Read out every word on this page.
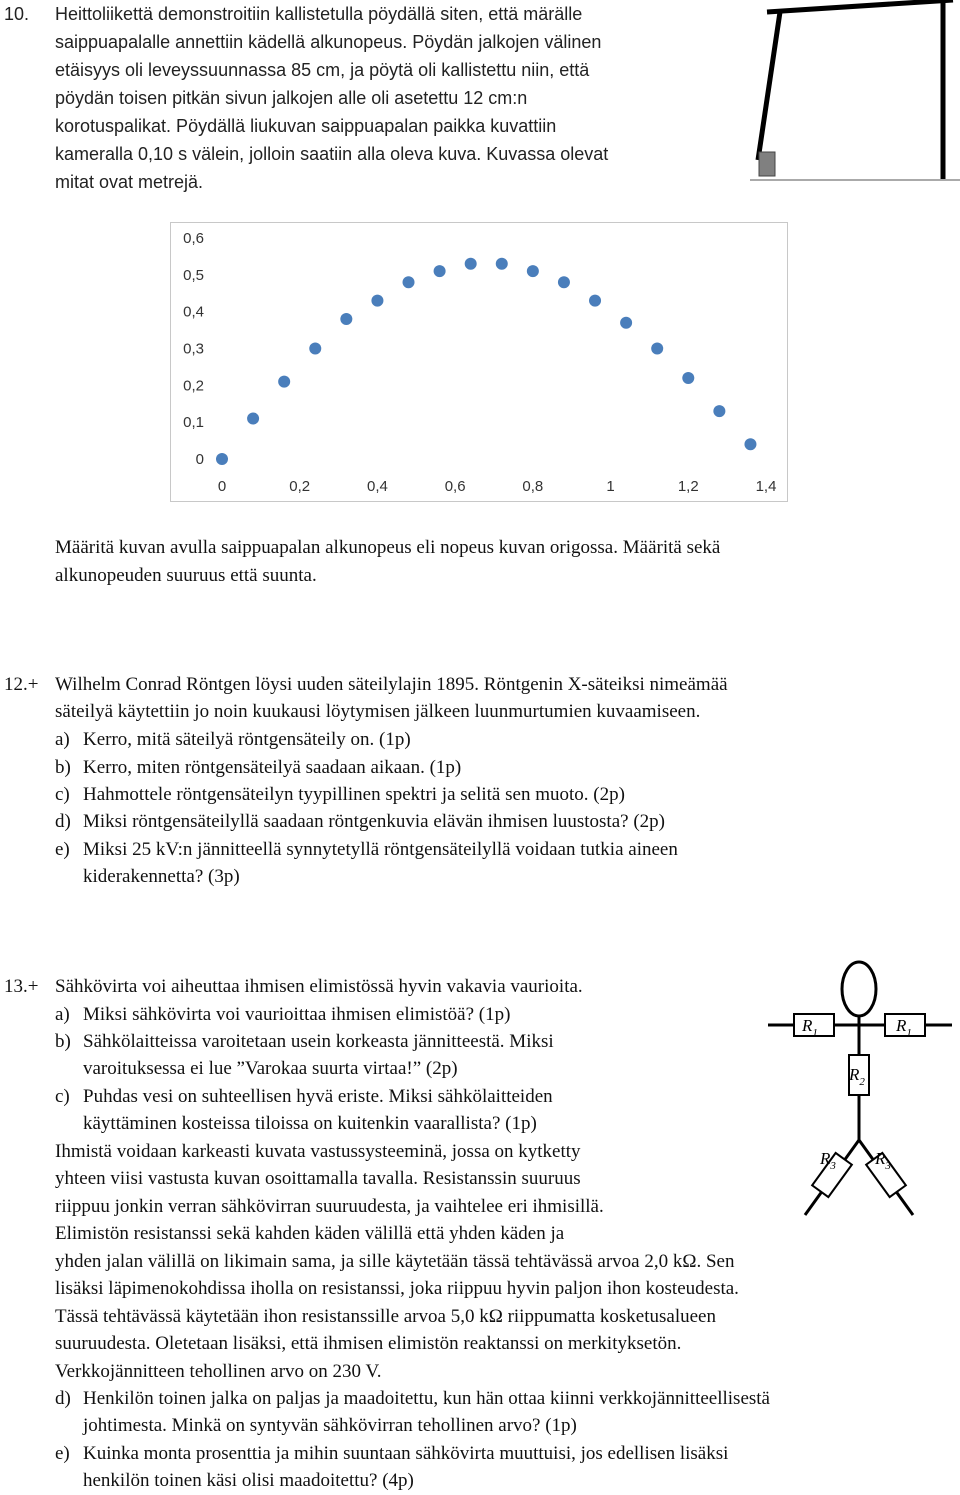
10. Heittoliikettä demonstroitiin kallistetulla pöydällä siten, että märälle
saippuapalalle annettiin kädellä alkunopeus. Pöydän jalkojen välinen
etäisyys oli leveyssuunnassa 85 cm, ja pöytä oli kallistettu niin, että
pöydän toisen pitkän sivun jalkojen alle oli asetettu 12 cm:n
korotuspalikat. Pöydällä liukuvan saippuapalan paikka kuvattiin
kameralla 0,10 s välein, jolloin saatiin alla oleva kuva. Kuvassa olevat
mitat ovat metrejä.
0
0,1
0,2
0,3
0,4
0,5
0,6
0	0,2	0,4	0,6	0,8	1	1,2	1,4
Määritä kuvan avulla saippuapalan alkunopeus eli nopeus kuvan origossa. Määritä sekä
alkunopeuden suuruus että suunta.
12.+ Wilhelm Conrad Röntgen löysi uuden säteilylajin 1895. Röntgenin X-säteiksi nimeämää
säteilyä käytettiin jo noin kuukausi löytymisen jälkeen luunmurtumien kuvaamiseen.
a) Kerro, mitä säteilyä röntgensäteily on. (1p)
b) Kerro, miten röntgensäteilyä saadaan aikaan. (1p)
c) Hahmottele röntgensäteilyn tyypillinen spektri ja selitä sen muoto. (2p)
d) Miksi röntgensäteilyllä saadaan röntgenkuvia elävän ihmisen luustosta? (2p)
e) Miksi 25 kV:n jännitteellä synnytetyllä röntgensäteilyllä voidaan tutkia aineen
kiderakennetta? (3p)
13.+ Sähkövirta voi aiheuttaa ihmisen elimistössä hyvin vakavia vaurioita.
a) Miksi sähkövirta voi vaurioittaa ihmisen elimistöä? (1p)
b) Sähkölaitteissa varoitetaan usein korkeasta jännitteestä. Miksi
varoituksessa ei lue ”Varokaa suurta virtaa!” (2p)
c) Puhdas vesi on suhteellisen hyvä eriste. Miksi sähkölaitteiden
käyttäminen kosteissa tiloissa on kuitenkin vaarallista? (1p)
Ihmistä voidaan karkeasti kuvata vastussysteeminä, jossa on kytketty
yhteen viisi vastusta kuvan osoittamalla tavalla. Resistanssin suuruus
riippuu jonkin verran sähkövirran suuruudesta, ja vaihtelee eri ihmisillä.
Elimistön resistanssi sekä kahden käden välillä että yhden käden ja
yhden jalan välillä on likimain sama, ja sille käytetään tässä tehtävässä arvoa 2,0 kΩ. Sen
lisäksi läpimenokohdissa iholla on resistanssi, joka riippuu hyvin paljon ihon kosteudesta.
Tässä tehtävässä käytetään ihon resistanssille arvoa 5,0 kΩ riippumatta kosketusalueen
suuruudesta. Oletetaan lisäksi, että ihmisen elimistön reaktanssi on merkityksetön.
Verkkojännitteen tehollinen arvo on 230 V.
d) Henkilön toinen jalka on paljas ja maadoitettu, kun hän ottaa kiinni verkkojännitteellisestä
johtimesta. Minkä on syntyvän sähkövirran tehollinen arvo? (1p)
e) Kuinka monta prosenttia ja mihin suuntaan sähkövirta muuttuisi, jos edellisen lisäksi
henkilön toinen käsi olisi maadoitettu? (4p)
$R_1$	$R_1$
$R_2$
$R_3$ $R_3$
